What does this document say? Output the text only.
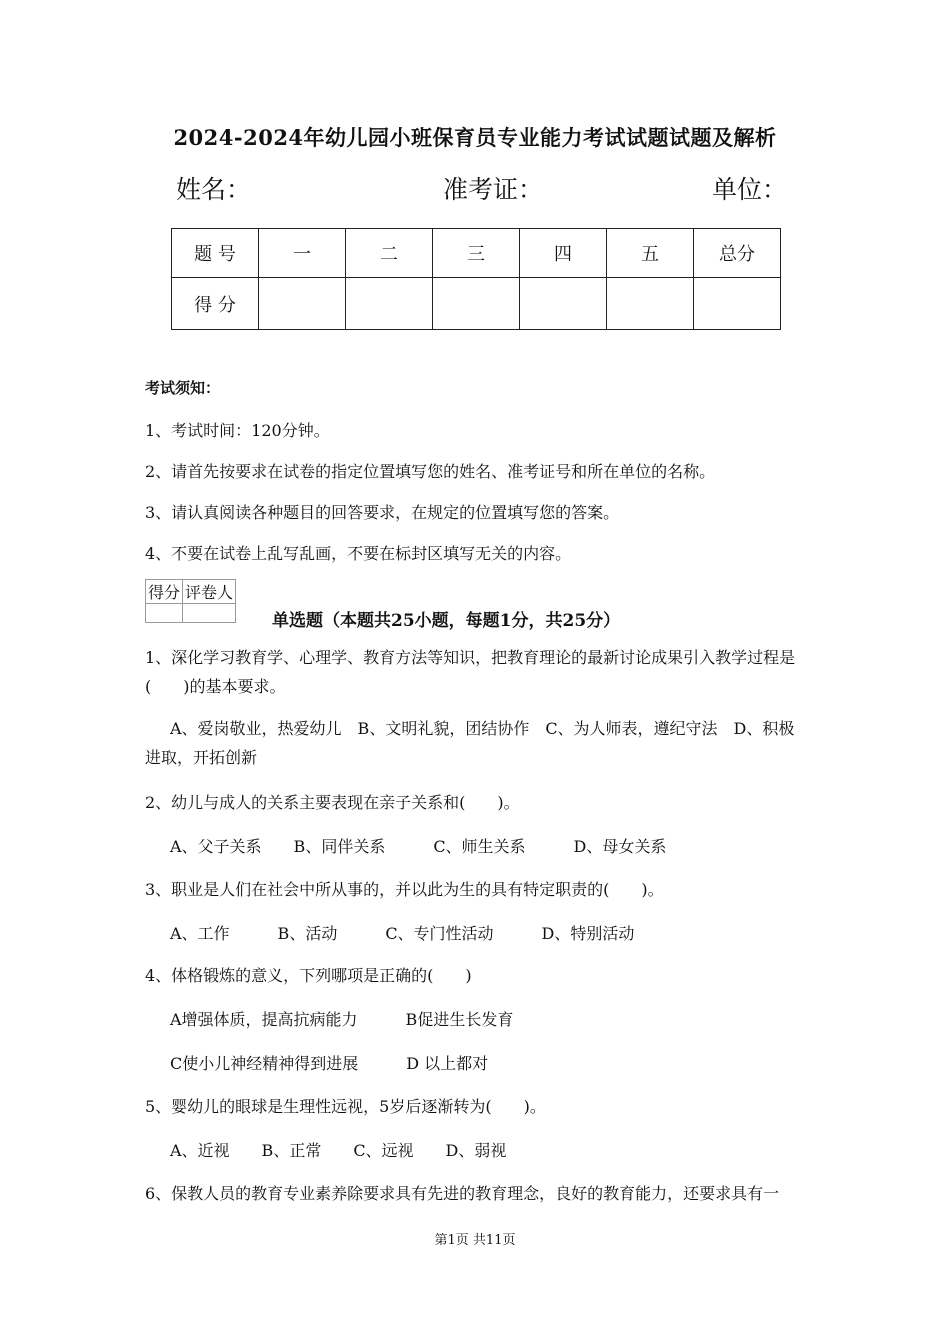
2024-2024年幼儿园小班保育员专业能力考试试题试题及解析
姓名：	准考证：	单位：
题 号	一	二	三	四	五	总分
得 分						
考试须知：
1、考试时间：120分钟。
2、请首先按要求在试卷的指定位置填写您的姓名、准考证号和所在单位的名称。
3、请认真阅读各种题目的回答要求，在规定的位置填写您的答案。
4、不要在试卷上乱写乱画，不要在标封区填写无关的内容。
得分	评卷人

单选题（本题共25小题，每题1分，共25分）
1、深化学习教育学、心理学、教育方法等知识，把教育理论的最新讨论成果引入教学过程是(　　)的基本要求。
A、爱岗敬业，热爱幼儿　B、文明礼貌，团结协作　C、为人师表，遵纪守法　D、积极进取，开拓创新
2、幼儿与成人的关系主要表现在亲子关系和(　　)。
A、父子关系　　B、同伴关系　　　C、师生关系　　　D、母女关系
3、职业是人们在社会中所从事的，并以此为生的具有特定职责的(　　)。
A、工作　　　B、活动　　　C、专门性活动　　　D、特别活动
4、体格锻炼的意义，下列哪项是正确的(　　)
A增强体质，提高抗病能力　　　B促进生长发育
C使小儿神经精神得到进展　　　D 以上都对
5、婴幼儿的眼球是生理性远视，5岁后逐渐转为(　　)。
A、近视　　B、正常　　C、远视　　D、弱视
6、保教人员的教育专业素养除要求具有先进的教育理念，良好的教育能力，还要求具有一
第1页 共11页
